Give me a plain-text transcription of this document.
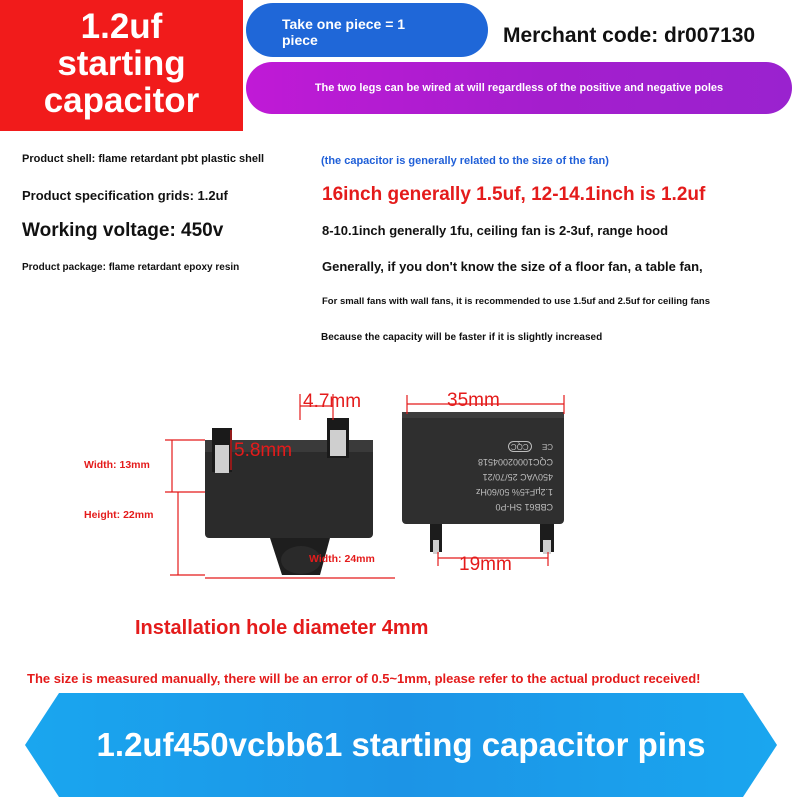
1.2uf
starting
capacitor
Take one piece = 1 piece	Merchant code: dr007130
The two legs can be wired at will regardless of the positive and negative poles
Product shell: flame retardant pbt plastic shell
Product specification grids: 1.2uf
Working voltage: 450v
Product package: flame retardant epoxy resin
(the capacitor is generally related to the size of the fan)
16inch generally 1.5uf, 12-14.1inch is 1.2uf
8-10.1inch generally 1fu, ceiling fan is 2-3uf, range hood
Generally, if you don't know the size of a floor fan, a table fan,
For small fans with wall fans, it is recommended to use 1.5uf and 2.5uf for ceiling fans
Because the capacity will be faster if it is slightly increased
CBB61 SH-P0
1.2µF±5% 50/60Hz
450VAC 25/70/21
CQC10002004518
CE CQC
4.7mm
5.8mm
35mm
19mm
Width: 13mm
Height: 22mm
Width: 24mm
Installation hole diameter 4mm
The size is measured manually, there will be an error of 0.5~1mm, please refer to the actual product received!
1.2uf450vcbb61 starting capacitor pins
